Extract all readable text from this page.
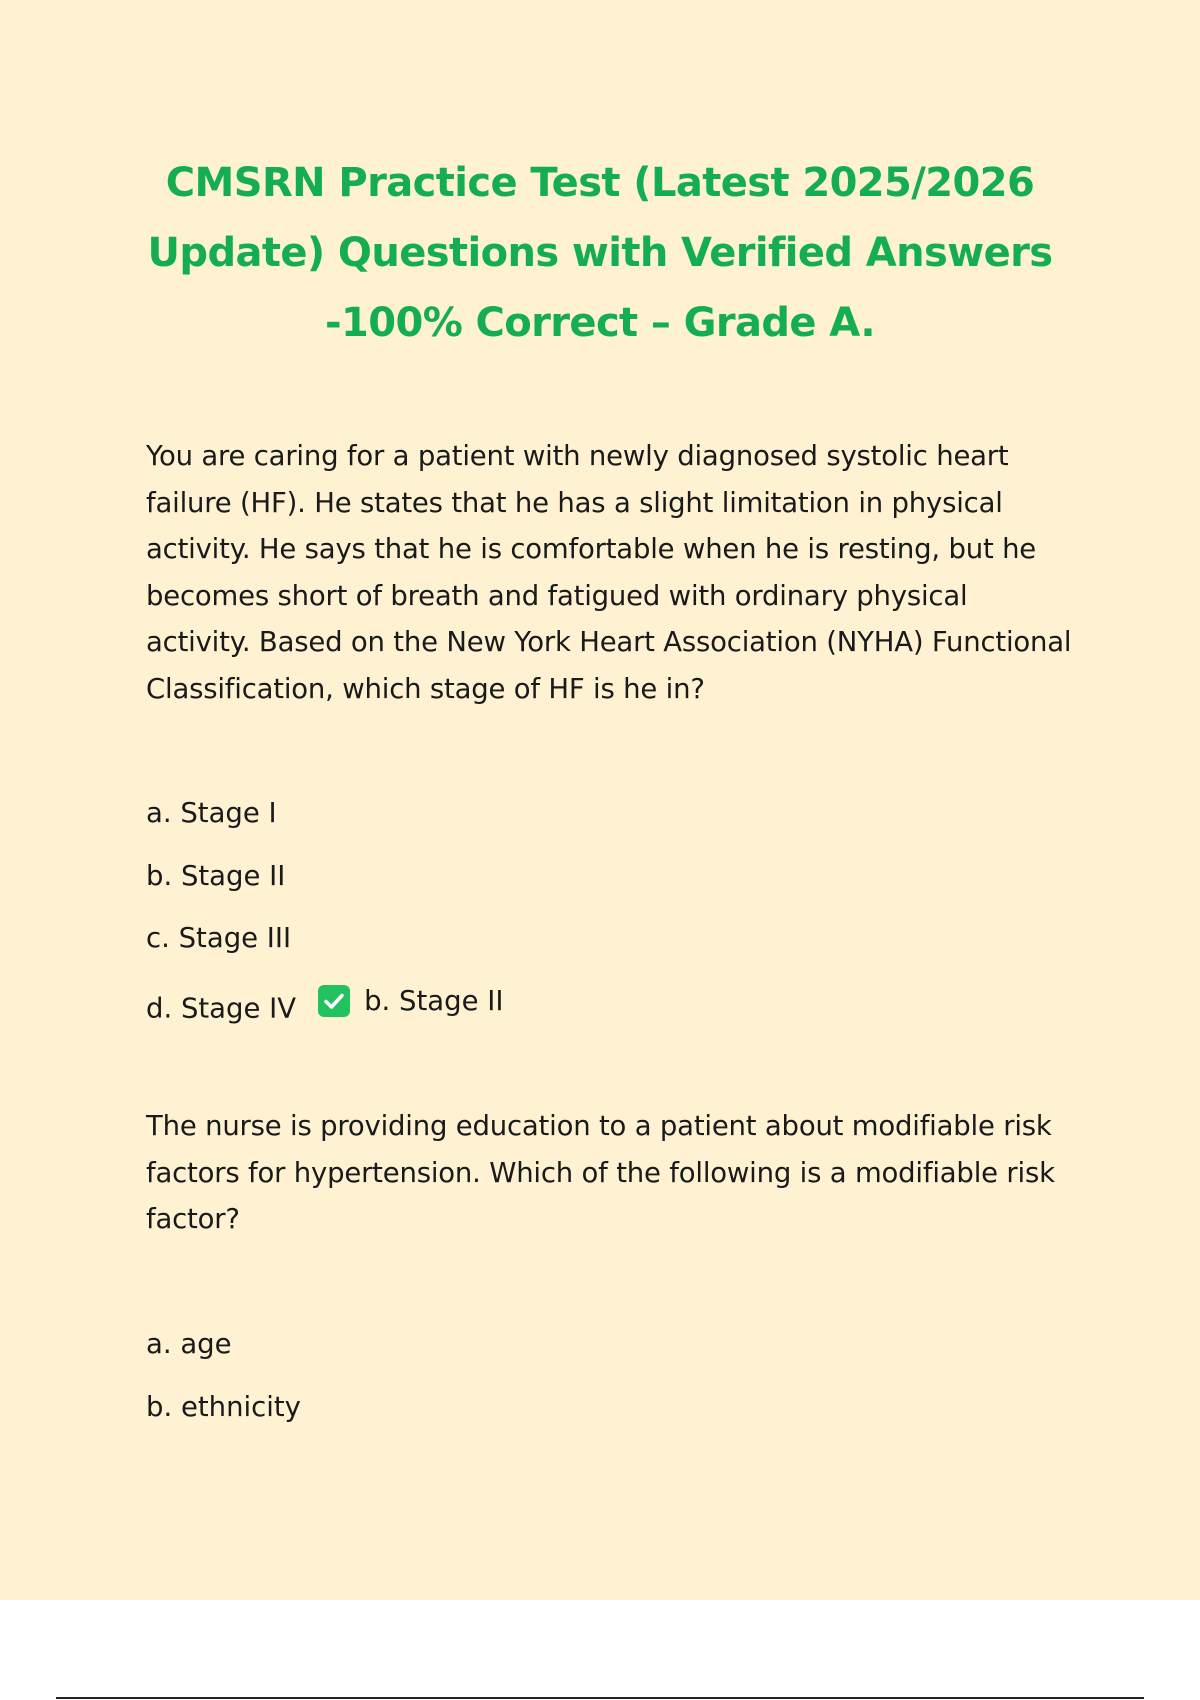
CMSRN Practice Test (Latest 2025/2026
Update) Questions with Verified Answers
-100% Correct – Grade A.

You are caring for a patient with newly diagnosed systolic heart failure (HF). He states that he has a slight limitation in physical activity. He says that he is comfortable when he is resting, but he becomes short of breath and fatigued with ordinary physical activity. Based on the New York Heart Association (NYHA) Functional Classification, which stage of HF is he in?

a. Stage I
b. Stage II
c. Stage III
d. Stage IV b. Stage II

The nurse is providing education to a patient about modifiable risk factors for hypertension. Which of the following is a modifiable risk factor?

a. age
b. ethnicity
